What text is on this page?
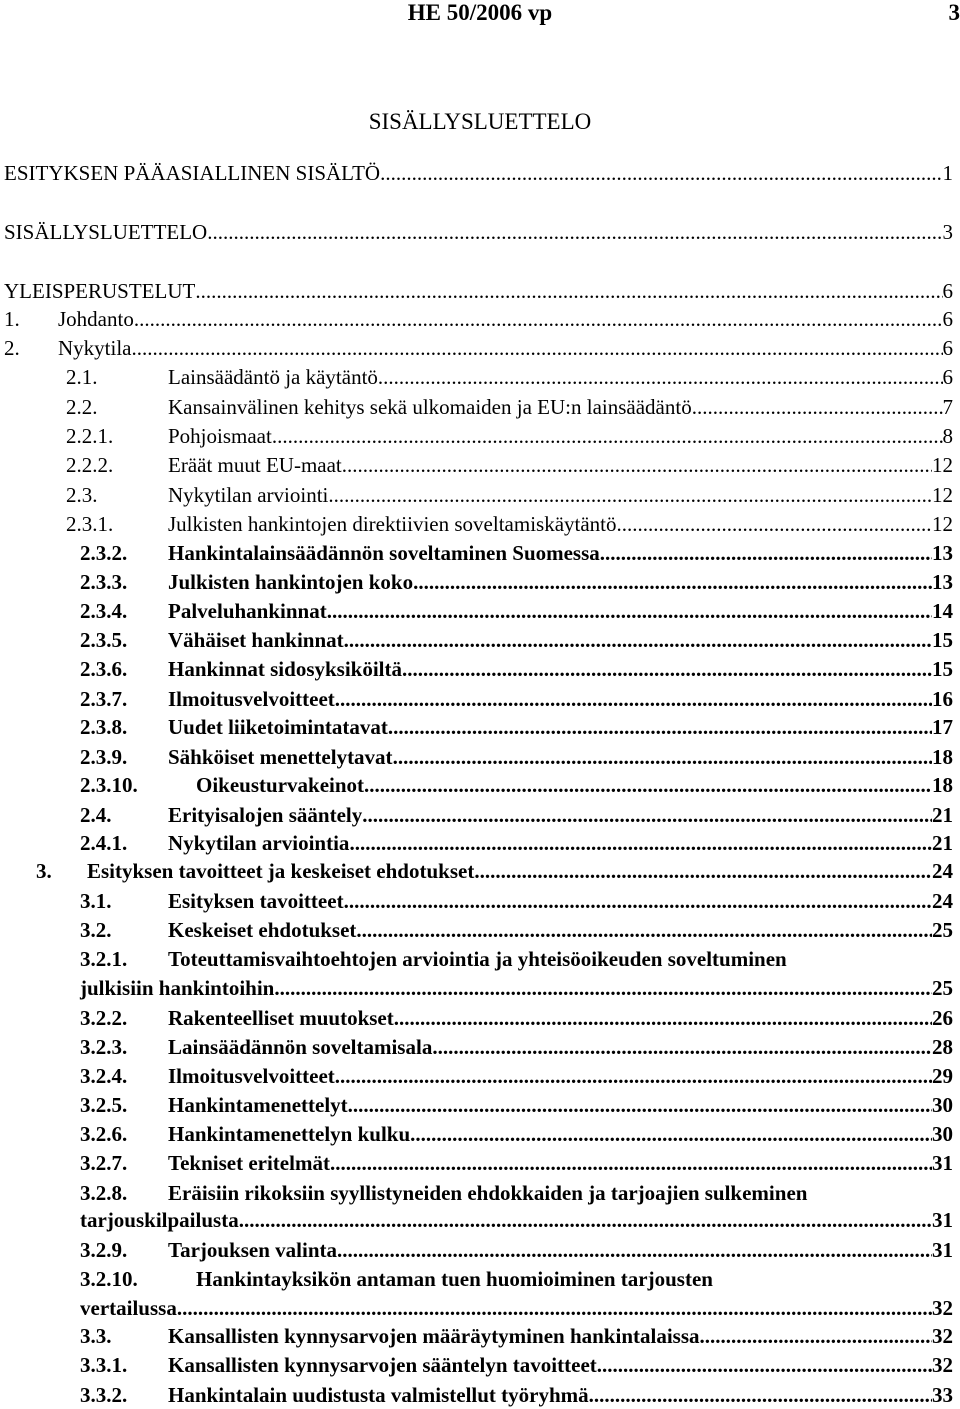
HE 50/2006 vp	3
SISÄLLYSLUETTELO
ESITYKSEN PÄÄASIALLINEN SISÄLTÖ .....	1
SISÄLLYSLUETTELO .....	3
YLEISPERUSTELUT .....	6
1.	Johdanto .....	6
2.	Nykytila .....	6
2.1.	Lainsäädäntö ja käytäntö .....	6
2.2.	Kansainvälinen kehitys sekä ulkomaiden ja EU:n lainsäädäntö .....	7
2.2.1.	Pohjoismaat .....	8
2.2.2.	Eräät muut EU-maat .....	12
2.3.	Nykytilan arviointi .....	12
2.3.1.	Julkisten hankintojen direktiivien soveltamiskäytäntö .....	12
2.3.2.	Hankintalainsäädännön soveltaminen Suomessa .....	13
2.3.3.	Julkisten hankintojen koko .....	13
2.3.4.	Palveluhankinnat .....	14
2.3.5.	Vähäiset hankinnat .....	15
2.3.6.	Hankinnat sidosyksiköiltä .....	15
2.3.7.	Ilmoitusvelvoitteet .....	16
2.3.8.	Uudet liiketoimintatavat .....	17
2.3.9.	Sähköiset menettelytavat .....	18
2.3.10.	Oikeusturvakeinot .....	18
2.4.	Erityisalojen sääntely .....	21
2.4.1.	Nykytilan arviointia .....	21
3.	Esityksen tavoitteet ja keskeiset ehdotukset .....	24
3.1.	Esityksen tavoitteet .....	24
3.2.	Keskeiset ehdotukset .....	25
3.2.1.	Toteuttamisvaihtoehtojen arviointia ja yhteisöoikeuden soveltuminen
julkisiin hankintoihin .....	25
3.2.2.	Rakenteelliset muutokset .....	26
3.2.3.	Lainsäädännön soveltamisala .....	28
3.2.4.	Ilmoitusvelvoitteet .....	29
3.2.5.	Hankintamenettelyt .....	30
3.2.6.	Hankintamenettelyn kulku .....	30
3.2.7.	Tekniset eritelmät .....	31
3.2.8.	Eräisiin rikoksiin syyllistyneiden ehdokkaiden ja tarjoajien sulkeminen
tarjouskilpailusta .....	31
3.2.9.	Tarjouksen valinta .....	31
3.2.10.	Hankintayksikön antaman tuen huomioiminen tarjousten
vertailussa .....	32
3.3.	Kansallisten kynnysarvojen määräytyminen hankintalaissa .....	32
3.3.1.	Kansallisten kynnysarvojen sääntelyn tavoitteet .....	32
3.3.2.	Hankintalain uudistusta valmistellut työryhmä .....	33
